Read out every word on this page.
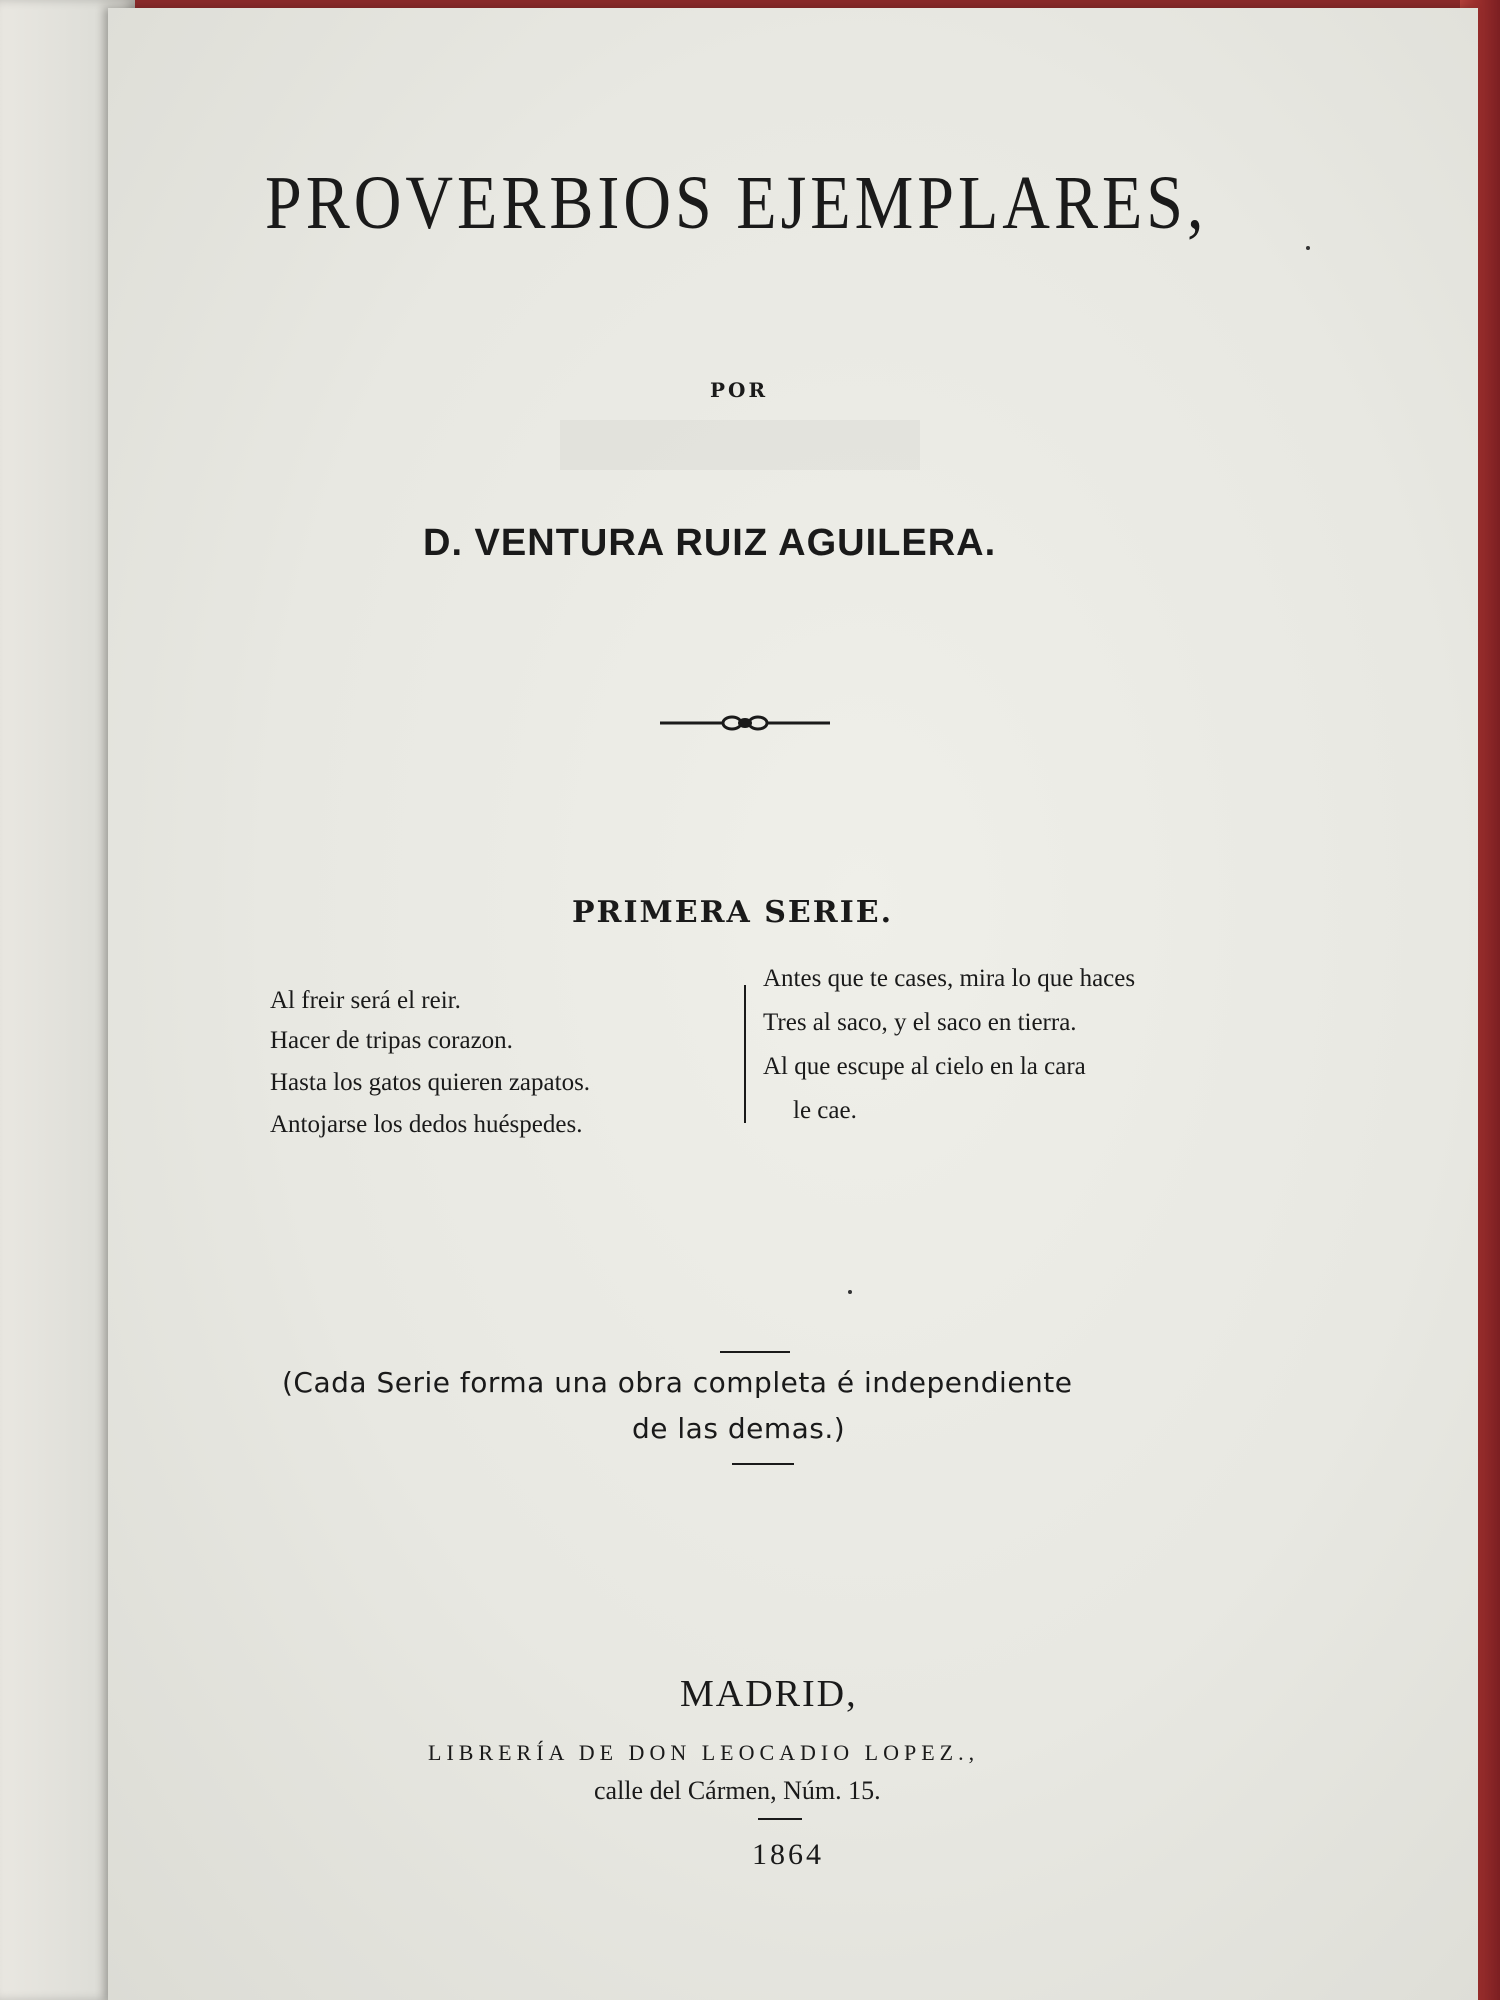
PROVERBIOS EJEMPLARES,
POR
D. VENTURA RUIZ AGUILERA.
PRIMERA SERIE.
Al freir será el reir.
Hacer de tripas corazon.
Hasta los gatos quieren zapatos.
Antojarse los dedos huéspedes.
Antes que te cases, mira lo que haces
Tres al saco, y el saco en tierra.
Al que escupe al cielo en la cara
le cae.
(Cada Serie forma una obra completa é independiente
de las demas.)
MADRID,
LIBRERÍA DE DON LEOCADIO LOPEZ.,
calle del Cármen, Núm. 15.
1864
